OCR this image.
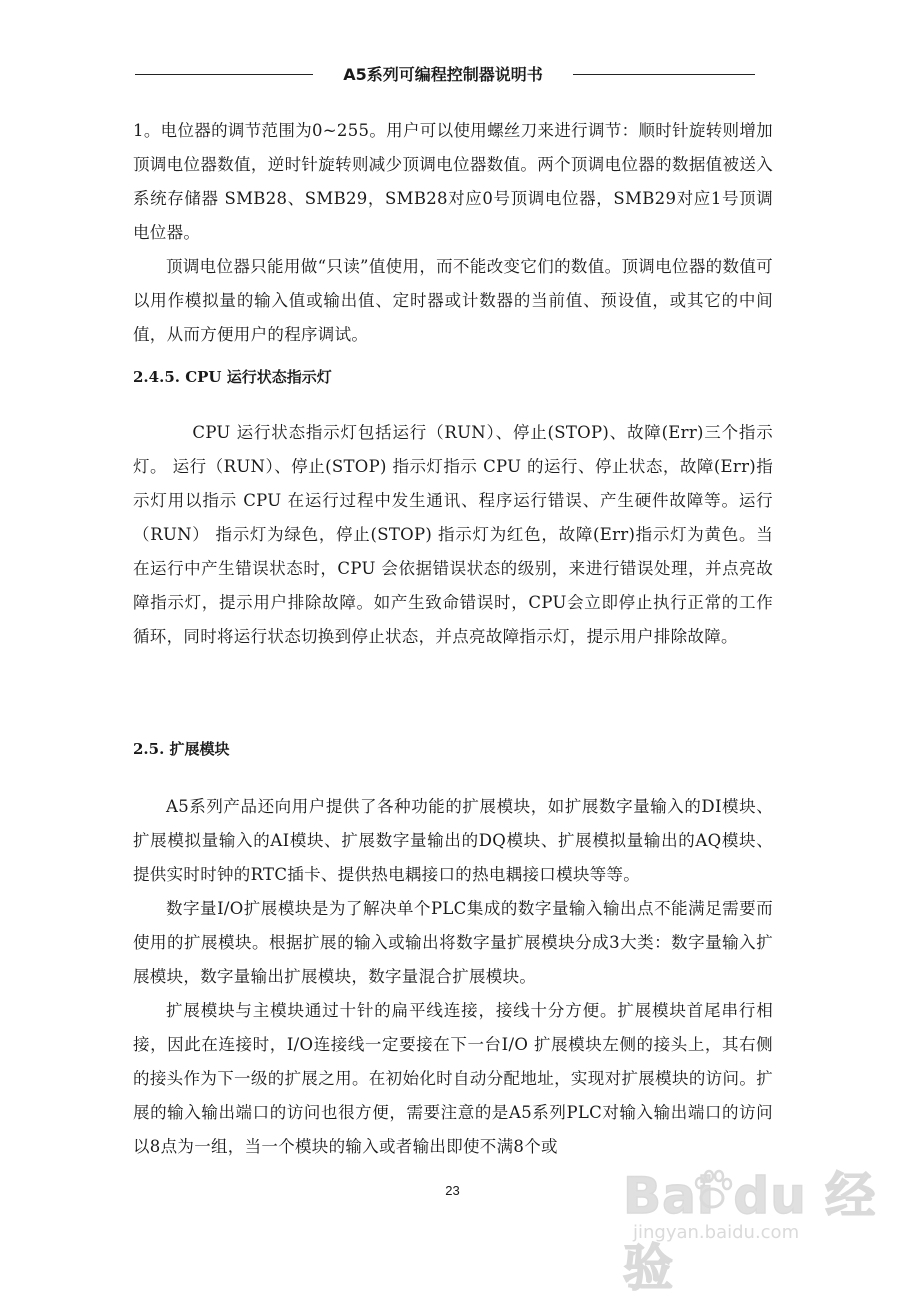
A5系列可编程控制器说明书

1。电位器的调节范围为0~255。用户可以使用螺丝刀来进行调节：顺时针旋转则增加顶调电位器数值，逆时针旋转则减少顶调电位器数值。两个顶调电位器的数据值被送入系统存储器 SMB28、SMB29，SMB28对应0号顶调电位器，SMB29对应1号顶调电位器。

顶调电位器只能用做“只读”值使用，而不能改变它们的数值。顶调电位器的数值可以用作模拟量的输入值或输出值、定时器或计数器的当前值、预设值，或其它的中间值，从而方便用户的程序调试。

2.4.5. CPU 运行状态指示灯

CPU 运行状态指示灯包括运行（RUN）、停止(STOP)、故障(Err)三个指示灯。 运行（RUN）、停止(STOP) 指示灯指示 CPU 的运行、停止状态，故障(Err)指示灯用以指示 CPU 在运行过程中发生通讯、程序运行错误、产生硬件故障等。运行（RUN） 指示灯为绿色，停止(STOP) 指示灯为红色，故障(Err)指示灯为黄色。当在运行中产生错误状态时，CPU 会依据错误状态的级别，来进行错误处理，并点亮故障指示灯，提示用户排除故障。如产生致命错误时，CPU会立即停止执行正常的工作循环，同时将运行状态切换到停止状态，并点亮故障指示灯，提示用户排除故障。

2.5. 扩展模块

A5系列产品还向用户提供了各种功能的扩展模块，如扩展数字量输入的DI模块、扩展模拟量输入的AI模块、扩展数字量输出的DQ模块、扩展模拟量输出的AQ模块、提供实时时钟的RTC插卡、提供热电耦接口的热电耦接口模块等等。

数字量I/O扩展模块是为了解决单个PLC集成的数字量输入输出点不能满足需要而使用的扩展模块。根据扩展的输入或输出将数字量扩展模块分成3大类：数字量输入扩展模块，数字量输出扩展模块，数字量混合扩展模块。

扩展模块与主模块通过十针的扁平线连接，接线十分方便。扩展模块首尾串行相接，因此在连接时，I/O连接线一定要接在下一台I/O 扩展模块左侧的接头上，其右侧的接头作为下一级的扩展之用。在初始化时自动分配地址，实现对扩展模块的访问。扩展的输入输出端口的访问也很方便，需要注意的是A5系列PLC对输入输出端口的访问以8点为一组，当一个模块的输入或者输出即使不满8个或

23	Bai du 经验
jingyan.baidu.com
